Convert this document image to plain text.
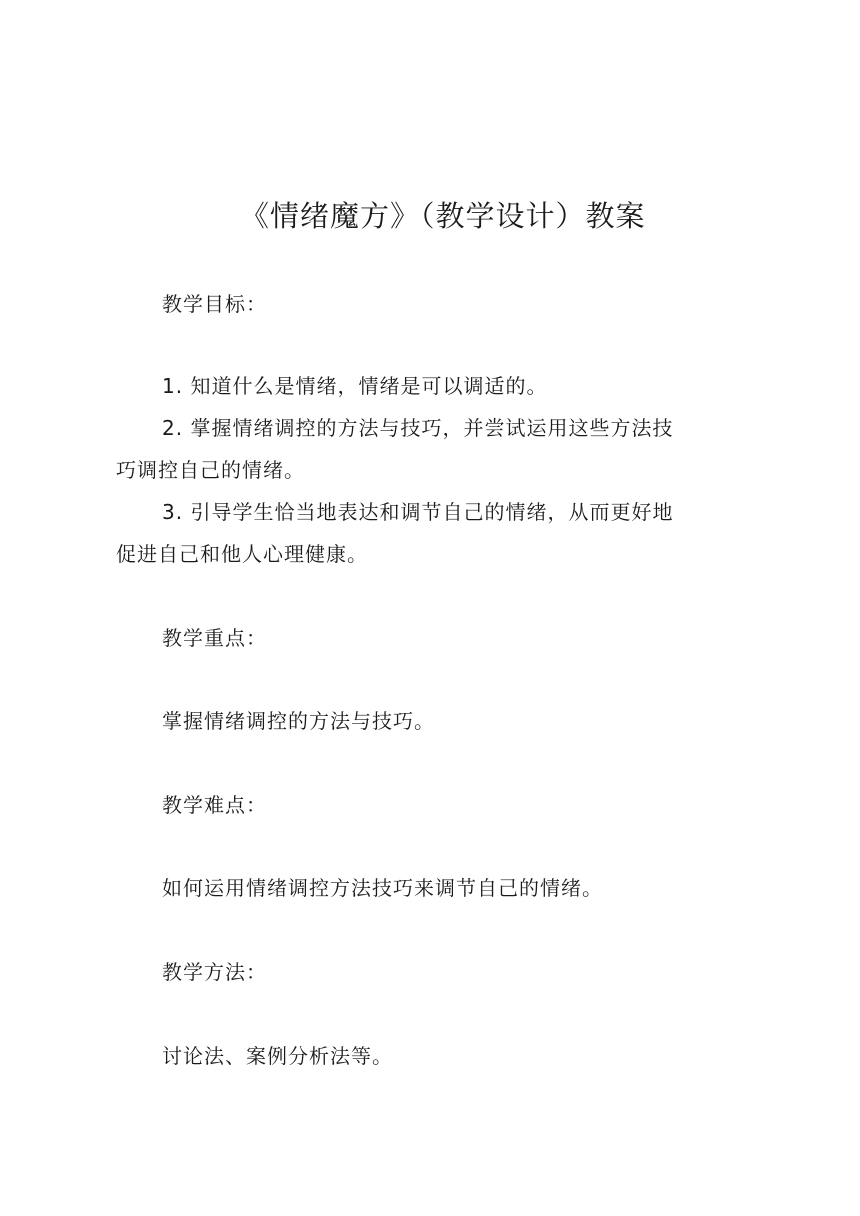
《情绪魔方》（教学设计）教案
教学目标：
1. 知道什么是情绪，情绪是可以调适的。
2. 掌握情绪调控的方法与技巧，并尝试运用这些方法技
巧调控自己的情绪。
3. 引导学生恰当地表达和调节自己的情绪，从而更好地
促进自己和他人心理健康。
教学重点：
掌握情绪调控的方法与技巧。
教学难点：
如何运用情绪调控方法技巧来调节自己的情绪。
教学方法：
讨论法、案例分析法等。
